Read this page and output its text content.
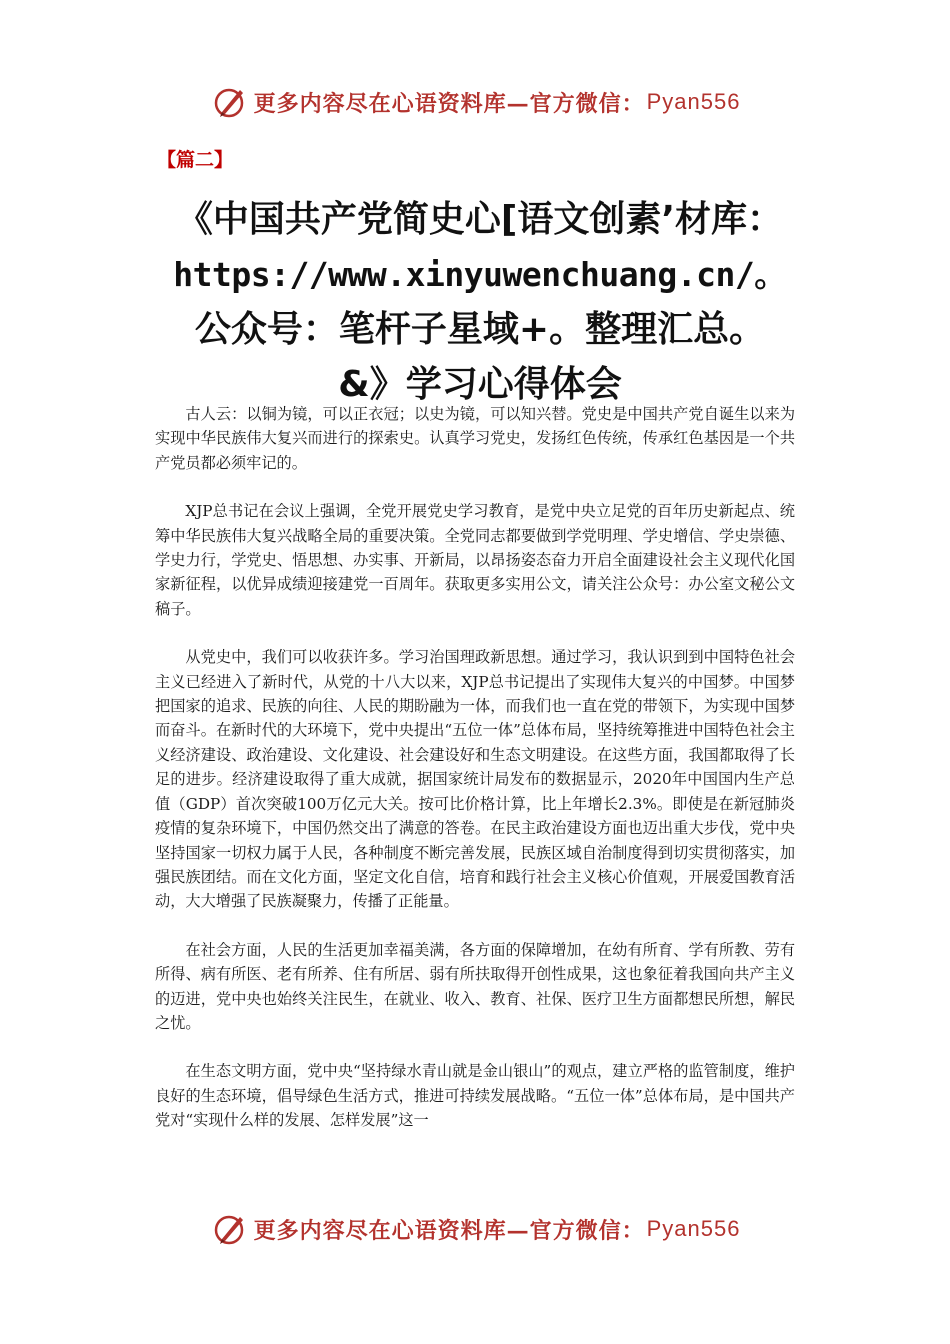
更多内容尽在心语资料库—官方微信： Pyan556
【篇二】
《中国共产党简史心[语文创素’材库：
https://www.xinyuwenchuang.cn/。
公众号：笔杆子星域+。整理汇总。
&》学习心得体会

古人云：以铜为镜，可以正衣冠；以史为镜，可以知兴替。党史是中国共产党自诞生以来为实现中华民族伟大复兴而进行的探索史。认真学习党史，发扬红色传统，传承红色基因是一个共产党员都必须牢记的。

XJP总书记在会议上强调，全党开展党史学习教育，是党中央立足党的百年历史新起点、统筹中华民族伟大复兴战略全局的重要决策。全党同志都要做到学党明理、学史增信、学史崇德、学史力行，学党史、悟思想、办实事、开新局，以昂扬姿态奋力开启全面建设社会主义现代化国家新征程，以优异成绩迎接建党一百周年。获取更多实用公文，请关注公众号：办公室文秘公文稿子。

从党史中，我们可以收获许多。学习治国理政新思想。通过学习，我认识到到中国特色社会主义已经进入了新时代，从党的十八大以来，XJP总书记提出了实现伟大复兴的中国梦。中国梦把国家的追求、民族的向往、人民的期盼融为一体，而我们也一直在党的带领下，为实现中国梦而奋斗。在新时代的大环境下，党中央提出“五位一体”总体布局，坚持统筹推进中国特色社会主义经济建设、政治建设、文化建设、社会建设好和生态文明建设。在这些方面，我国都取得了长足的进步。经济建设取得了重大成就，据国家统计局发布的数据显示，2020年中国国内生产总值（GDP）首次突破100万亿元大关。按可比价格计算，比上年增长2.3%。即使是在新冠肺炎疫情的复杂环境下，中国仍然交出了满意的答卷。在民主政治建设方面也迈出重大步伐，党中央坚持国家一切权力属于人民，各种制度不断完善发展，民族区域自治制度得到切实贯彻落实，加强民族团结。而在文化方面，坚定文化自信，培育和践行社会主义核心价值观，开展爱国教育活动，大大增强了民族凝聚力，传播了正能量。

在社会方面，人民的生活更加幸福美满，各方面的保障增加，在幼有所育、学有所教、劳有所得、病有所医、老有所养、住有所居、弱有所扶取得开创性成果，这也象征着我国向共产主义的迈进，党中央也始终关注民生，在就业、收入、教育、社保、医疗卫生方面都想民所想，解民之忧。

在生态文明方面，党中央“坚持绿水青山就是金山银山”的观点，建立严格的监管制度，维护良好的生态环境，倡导绿色生活方式，推进可持续发展战略。“五位一体”总体布局，是中国共产党对“实现什么样的发展、怎样发展”这一

更多内容尽在心语资料库—官方微信： Pyan556
